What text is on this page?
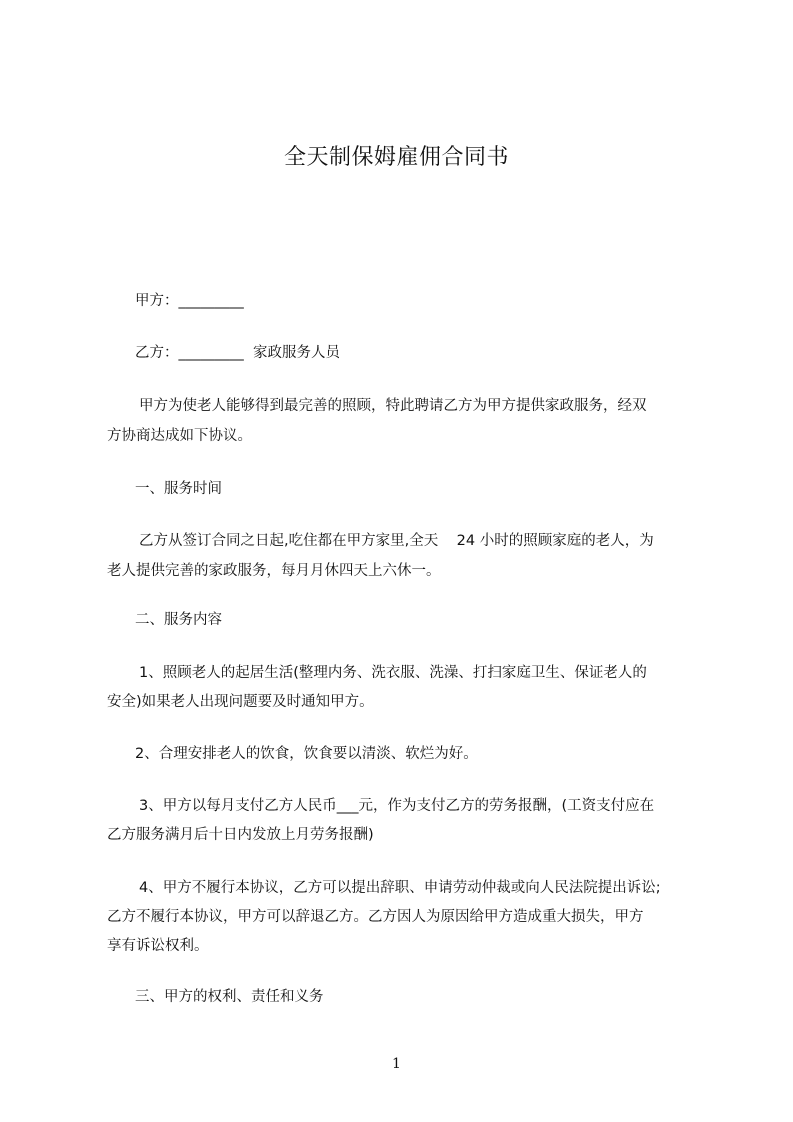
全天制保姆雇佣合同书
甲方：_________
乙方：_________  家政服务人员
甲方为使老人能够得到最完善的照顾，特此聘请乙方为甲方提供家政服务，经双
方协商达成如下协议。
一、服务时间
乙方从签订合同之日起,吃住都在甲方家里,全天    24 小时的照顾家庭的老人，为
老人提供完善的家政服务，每月月休四天上六休一。
二、服务内容
1、照顾老人的起居生活(整理内务、洗衣服、洗澡、打扫家庭卫生、保证老人的
安全)如果老人出现问题要及时通知甲方。
2、合理安排老人的饮食，饮食要以清淡、软烂为好。
3、甲方以每月支付乙方人民币___元，作为支付乙方的劳务报酬，(工资支付应在
乙方服务满月后十日内发放上月劳务报酬)
4、甲方不履行本协议，乙方可以提出辞职、申请劳动仲裁或向人民法院提出诉讼;
乙方不履行本协议，甲方可以辞退乙方。乙方因人为原因给甲方造成重大损失，甲方
享有诉讼权利。
三、甲方的权利、责任和义务
1
